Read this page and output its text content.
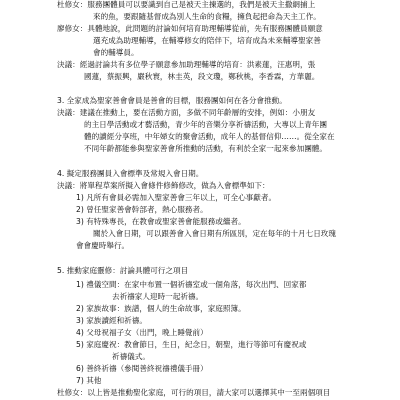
杜修女：服務團體員可以要識到自己是被天主揀選的，我們是被天主撒網捕上
來的魚，要跟隨基督成為別人生命的食糧，擁負起把命為天主工作。
廖修女：具體地說，此問題的討論如何培育助理輔導從前，先有服務團體員願意
選充成為助理輔導，在輔導修女的陪伴下，培育成為未來輔導聖家善
會的輔導員。
決議：經過討論共有多位學子願意參加助理輔導的培育：洪素蓮，汪惠明，張
國蓮，蔡振興，嚴秋寰，林圭英，段文瓊，鄭秋桃，李香霖，方華麗。
3. 全家成為聖家善會會員是善會的目標，服務團如何在各分會推動。
決議：建議在推動上，要在活動方面，多做不同年齡層的安排，例如：小朋友
的主日學活動或才藝活動，青少年的音樂分享祈禱活動，大專以上青年團
體的讀經分享班，中年婦女的聚會活動，成年人的基督信仰……。從全家在
不同年齡都能參與聖家善會所推動的活動，有利於全家一起來參加團體。
4. 擬定服務團員入會標準及常規入會日期。
決議：將單程草案所擬入會條件修飾修改，做為入會標準如下：
1) 凡所有會員必需加入聖家善會三年以上，可全心事獻者。
2) 曾任聖家善會幹部者，熱心服務者。
3) 有特殊專長，在教會或聖家善會能服務或繼者。
關於入會日期，可以跟善會入會日期有所區別，定在每年的十月七日玫瑰
會會慶時舉行。
5. 推動家庭靈修：討論具體可行之項目
1) 禮儀空間：在家中布置一個祈禱室或一個角落，每次出門、回家都
去祈禱家人迎時一起祈禱。
2) 家族故事：族譜，個人的生命故事，家庭照簿。
3) 家族讀經和祈禱。
4) 父母祝福子女（出門，晚上睡覺前）
5) 家庭慶祝：教會節日，生日，紀念日，朝聖，進行等節可有慶祝或
祈禱儀式。
6) 善終祈禱（參閱善終祝禱禮儀手冊）
7) 其他
杜修女：以上皆是推動聖化家庭，可行的項目，請大家可以選擇其中一至兩個項目
